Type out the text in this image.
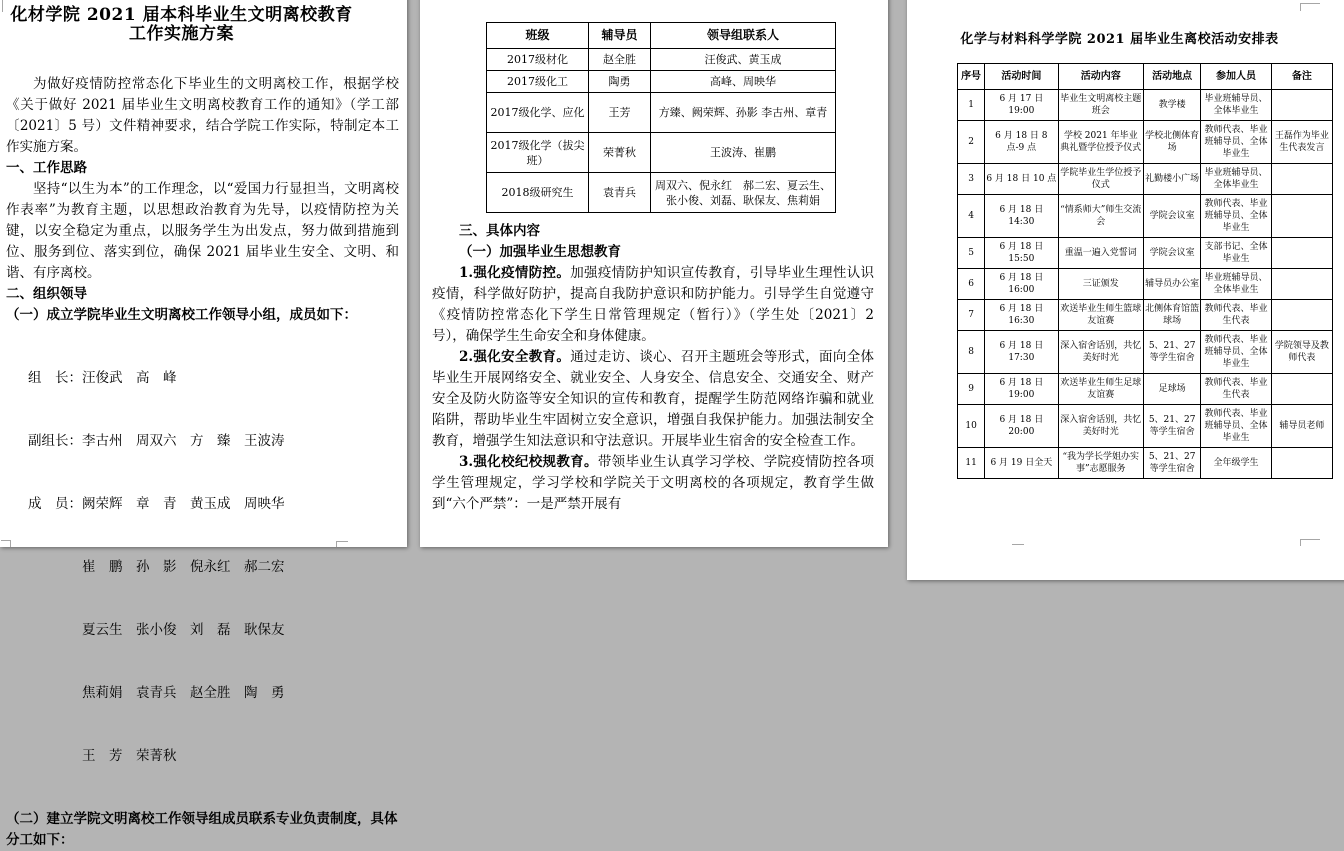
化材学院 2021 届本科毕业生文明离校教育
工作实施方案

为做好疫情防控常态化下毕业生的文明离校工作，根据学校《关于做好 2021 届毕业生文明离校教育工作的通知》（学工部〔2021〕5 号）文件精神要求，结合学院工作实际，特制定本工作实施方案。

一、工作思路

坚持“以生为本”的工作理念，以“爱国力行显担当，文明离校作表率”为教育主题，以思想政治教育为先导，以疫情防控为关键，以安全稳定为重点，以服务学生为出发点，努力做到措施到位、服务到位、落实到位，确保 2021 届毕业生安全、文明、和谐、有序离校。

二、组织领导

（一）成立学院毕业生文明离校工作领导小组，成员如下：

组　长：汪俊武　高　峰

副组长：李古州　周双六　方　臻　王波涛

成　员：阙荣辉　章　青　黄玉成　周映华

　　　　崔　鹏　孙　影　倪永红　郝二宏

　　　　夏云生　张小俊　刘　磊　耿保友

　　　　焦莉娟　袁青兵　赵全胜　陶　勇

　　　　王　芳　荣菁秋

（二）建立学院文明离校工作领导组成员联系专业负责制度，具体分工如下：

班级	辅导员	领导组联系人
2017级材化	赵全胜	汪俊武、黄玉成
2017级化工	陶勇	高峰、周映华
2017级化学、应化	王芳	方臻、阙荣辉、孙影 李古州、章青
2017级化学（拔尖班）	荣菁秋	王波涛、崔鹏
2018级研究生	袁青兵	周双六、倪永红　郝二宏、夏云生、张小俊、刘磊、耿保友、焦莉娟

三、具体内容

（一）加强毕业生思想教育

1.强化疫情防控。加强疫情防护知识宣传教育，引导毕业生理性认识疫情，科学做好防护，提高自我防护意识和防护能力。引导学生自觉遵守《疫情防控常态化下学生日常管理规定（暂行）》（学生处〔2021〕2 号），确保学生生命安全和身体健康。

2.强化安全教育。通过走访、谈心、召开主题班会等形式，面向全体毕业生开展网络安全、就业安全、人身安全、信息安全、交通安全、财产安全及防火防盗等安全知识的宣传和教育，提醒学生防范网络诈骗和就业陷阱，帮助毕业生牢固树立安全意识，增强自我保护能力。加强法制安全教育，增强学生知法意识和守法意识。开展毕业生宿舍的安全检查工作。

3.强化校纪校规教育。带领毕业生认真学习学校、学院疫情防控各项学生管理规定，学习学校和学院关于文明离校的各项规定，教育学生做到“六个严禁”：一是严禁开展有

化学与材料科学学院 2021 届毕业生离校活动安排表
序号	活动时间	活动内容	活动地点	参加人员	备注
1	6 月 17 日 19:00	毕业生文明离校主题班会	教学楼	毕业班辅导员、全体毕业生	
2	6 月 18 日 8 点-9 点	学校 2021 年毕业典礼暨学位授予仪式	学校北侧体育场	教师代表、毕业班辅导员、全体毕业生	王磊作为毕业生代表发言
3	6 月 18 日 10 点	学院毕业生学位授予仪式	礼勤楼小广场	毕业班辅导员、全体毕业生	
4	6 月 18 日 14:30	“情系师大”师生交流会	学院会议室	教师代表、毕业班辅导员、全体毕业生	
5	6 月 18 日 15:50	重温一遍入党誓词	学院会议室	支部书记、全体毕业生	
6	6 月 18 日 16:00	三证颁发	辅导员办公室	毕业班辅导员、全体毕业生	
7	6 月 18 日 16:30	欢送毕业生师生篮球友谊赛	北侧体育馆篮球场	教师代表、毕业生代表	
8	6 月 18 日 17:30	深入宿舍话别，共忆美好时光	5、21、27 等学生宿舍	教师代表、毕业班辅导员、全体毕业生	学院领导及教师代表
9	6 月 18 日 19:00	欢送毕业生师生足球友谊赛	足球场	教师代表、毕业生代表	
10	6 月 18 日 20:00	深入宿舍话别，共忆美好时光	5、21、27 等学生宿舍	教师代表、毕业班辅导员、全体毕业生	辅导员老师
11	6 月 19 日全天	“我为学长学姐办实事”志愿服务	5、21、27 等学生宿舍	全年级学生	
